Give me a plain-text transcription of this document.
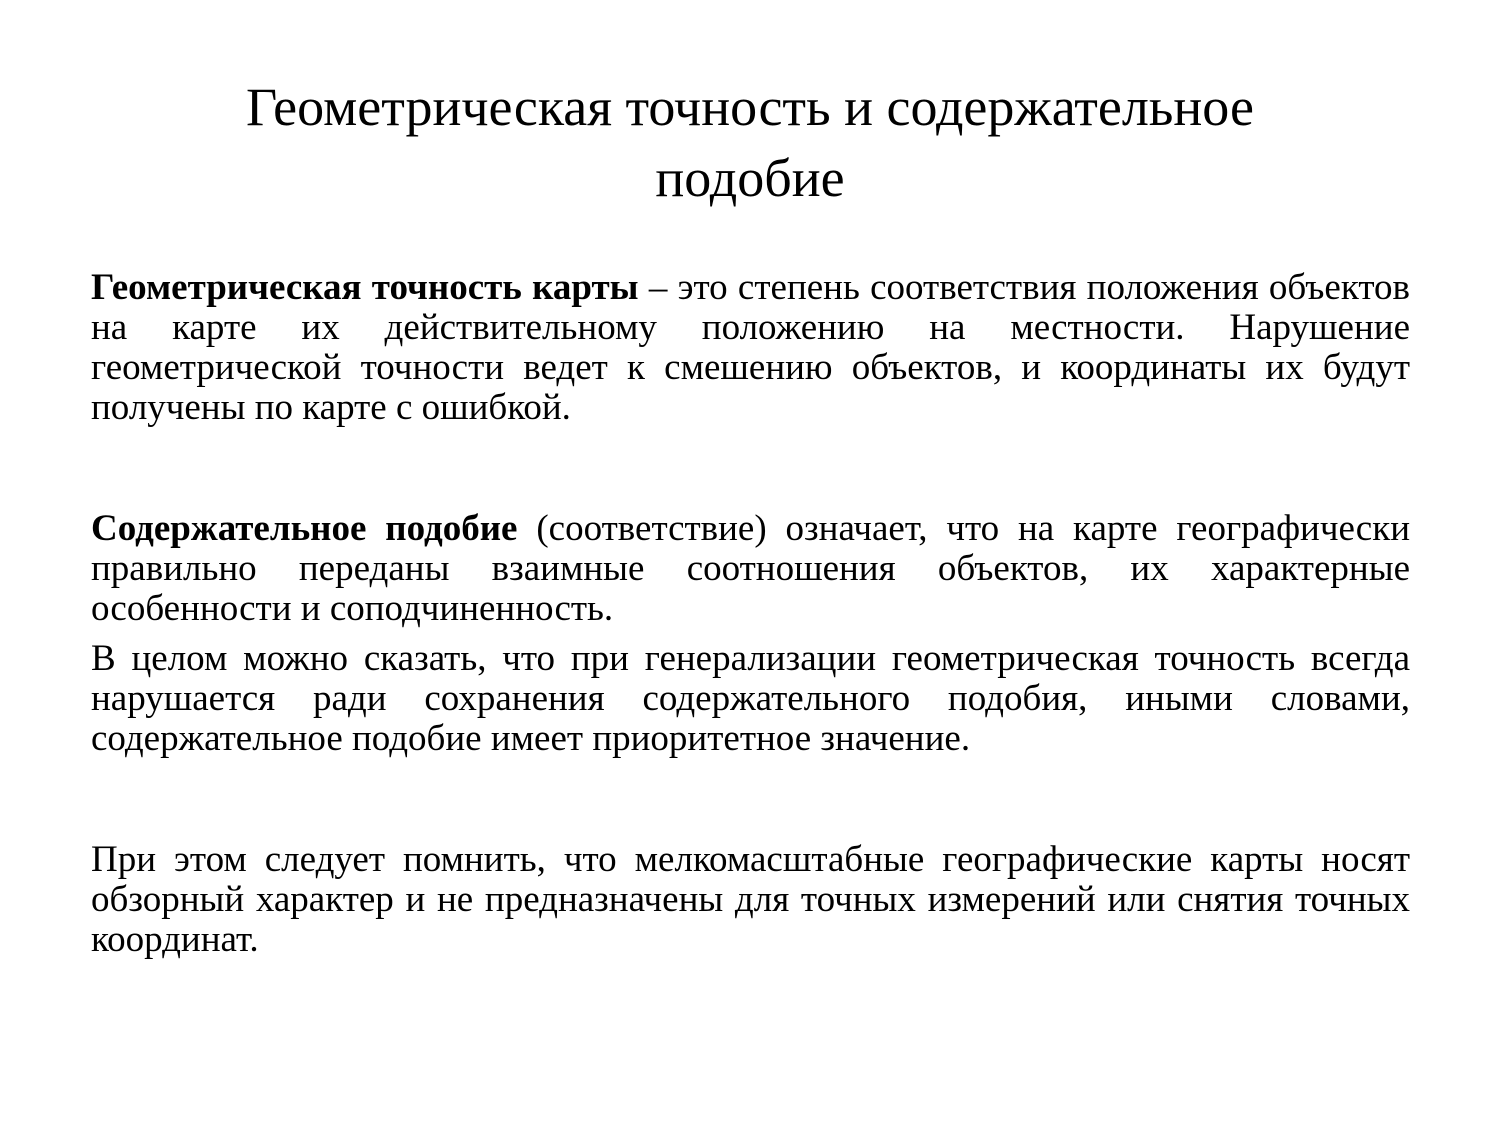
Геометрическая точность и содержательное
подобие

Геометрическая точность карты – это степень соответствия положения объектов на карте их действительному положению на местности. Нарушение геометрической точности ведет к смешению объектов, и координаты их будут получены по карте с ошибкой.

Содержательное подобие (соответствие) означает, что на карте географически правильно переданы взаимные соотношения объектов, их характерные особенности и соподчиненность.

В целом можно сказать, что при генерализации геометрическая точность всегда нарушается ради сохранения содержательного подобия, иными словами, содержательное подобие имеет приоритетное значение.

При этом следует помнить, что мелкомасштабные географические карты носят обзорный характер и не предназначены для точных измерений или снятия точных координат.
